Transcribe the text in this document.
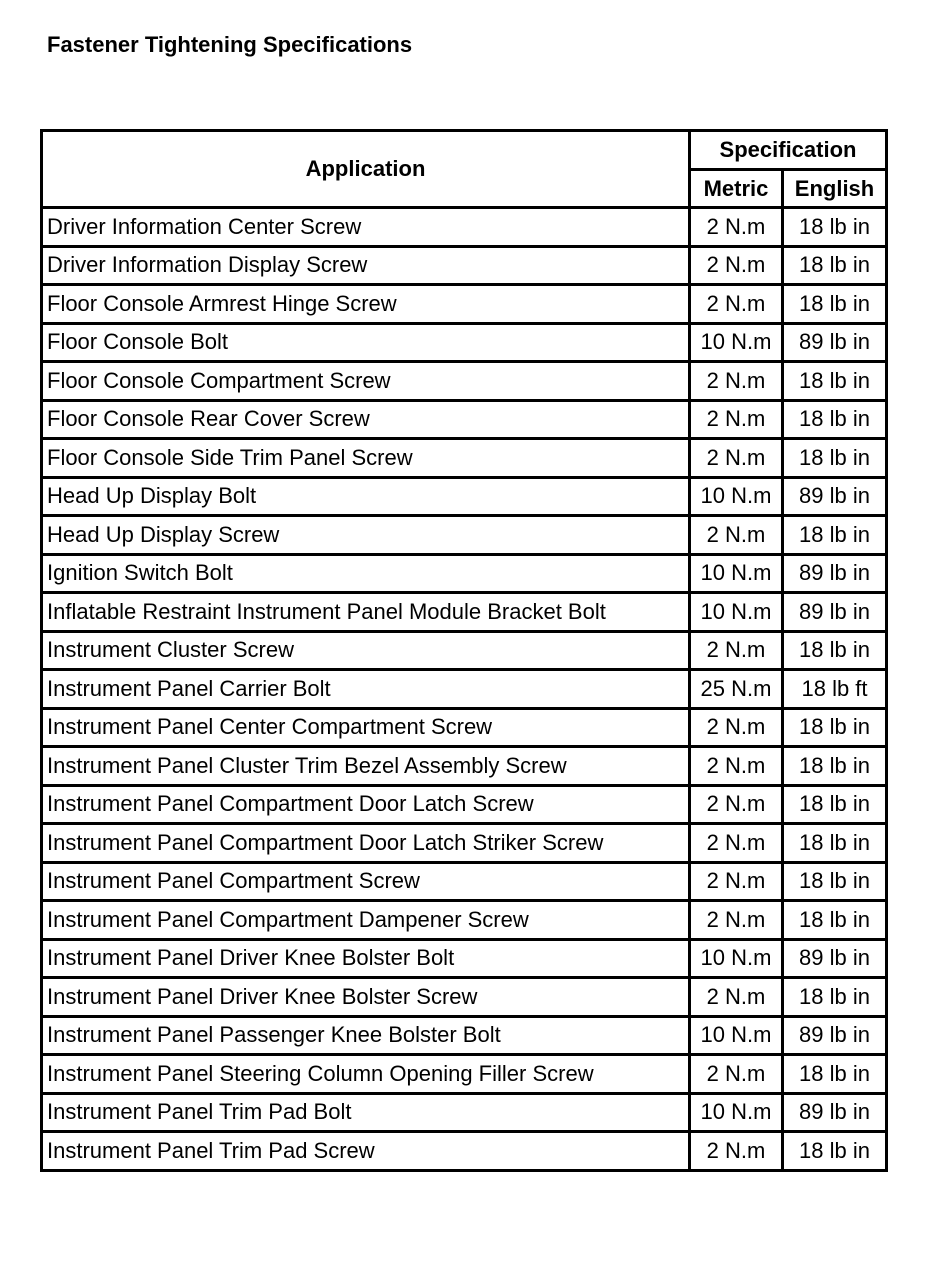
Fastener Tightening Specifications
Application	Specification	
	Metric	English
Driver Information Center Screw	2 N.m	18 lb in
Driver Information Display Screw	2 N.m	18 lb in
Floor Console Armrest Hinge Screw	2 N.m	18 lb in
Floor Console Bolt	10 N.m	89 lb in
Floor Console Compartment Screw	2 N.m	18 lb in
Floor Console Rear Cover Screw	2 N.m	18 lb in
Floor Console Side Trim Panel Screw	2 N.m	18 lb in
Head Up Display Bolt	10 N.m	89 lb in
Head Up Display Screw	2 N.m	18 lb in
Ignition Switch Bolt	10 N.m	89 lb in
Inflatable Restraint Instrument Panel Module Bracket Bolt	10 N.m	89 lb in
Instrument Cluster Screw	2 N.m	18 lb in
Instrument Panel Carrier Bolt	25 N.m	18 lb ft
Instrument Panel Center Compartment Screw	2 N.m	18 lb in
Instrument Panel Cluster Trim Bezel Assembly Screw	2 N.m	18 lb in
Instrument Panel Compartment Door Latch Screw	2 N.m	18 lb in
Instrument Panel Compartment Door Latch Striker Screw	2 N.m	18 lb in
Instrument Panel Compartment Screw	2 N.m	18 lb in
Instrument Panel Compartment Dampener Screw	2 N.m	18 lb in
Instrument Panel Driver Knee Bolster Bolt	10 N.m	89 lb in
Instrument Panel Driver Knee Bolster Screw	2 N.m	18 lb in
Instrument Panel Passenger Knee Bolster Bolt	10 N.m	89 lb in
Instrument Panel Steering Column Opening Filler Screw	2 N.m	18 lb in
Instrument Panel Trim Pad Bolt	10 N.m	89 lb in
Instrument Panel Trim Pad Screw	2 N.m	18 lb in
